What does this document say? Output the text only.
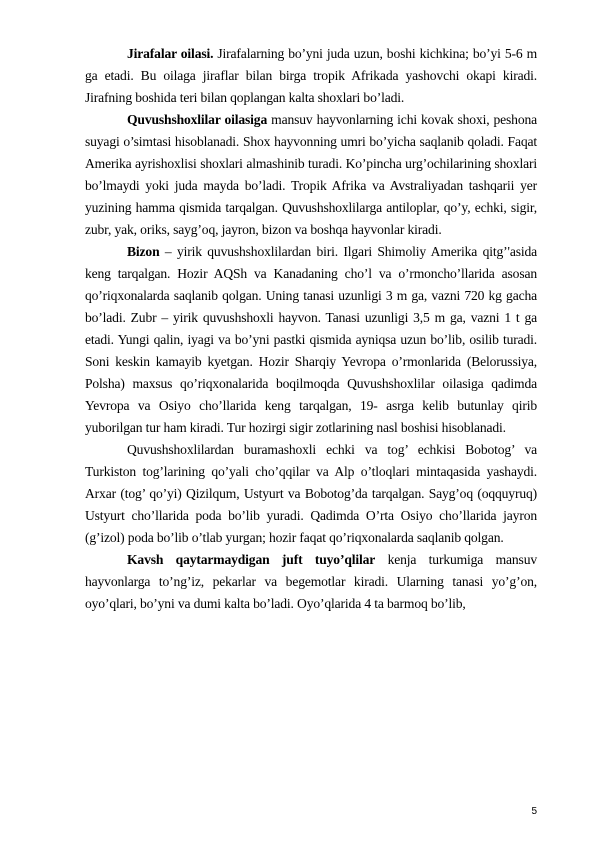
Jirafalar oilasi. Jirafalarning bo’yni juda uzun, boshi kichkina; bo’yi 5-6 m ga etadi. Bu oilaga jiraflar bilan birga tropik Afrikada yashovchi okapi kiradi. Jirafning boshida teri bilan qoplangan kalta shoxlari bo’ladi.

Quvushshoxlilar oilasiga mansuv hayvonlarning ichi kovak shoxi, peshona suyagi o’simtasi hisoblanadi. Shox hayvonning umri bo’yicha saqlanib qoladi. Faqat Amerika ayrishoxlisi shoxlari almashinib turadi. Ko’pincha urg’ochilarining shoxlari bo’lmaydi yoki juda mayda bo’ladi. Tropik Afrika va Avstraliyadan tashqarii yer yuzining hamma qismida tarqalgan. Quvushshoxlilarga antiloplar, qo’y, echki, sigir, zubr, yak, oriks, sayg’oq, jayron, bizon va boshqa hayvonlar kiradi.

Bizon – yirik quvushshoxlilardan biri. Ilgari Shimoliy Amerika qitg’'asida keng tarqalgan. Hozir AQSh va Kanadaning cho’l va o’rmoncho’llarida asosan qo’riqxonalarda saqlanib qolgan. Uning tanasi uzunligi 3 m ga, vazni 720 kg gacha bo’ladi. Zubr – yirik quvushshoxli hayvon. Tanasi uzunligi 3,5 m ga, vazni 1 t ga etadi. Yungi qalin, iyagi va bo’yni pastki qismida ayniqsa uzun bo’lib, osilib turadi. Soni keskin kamayib kyetgan. Hozir Sharqiy Yevropa o’rmonlarida (Belorussiya, Polsha) maxsus qo’riqxonalarida boqilmoqda Quvushshoxlilar oilasiga qadimda Yevropa va Osiyo cho’llarida keng tarqalgan, 19- asrga kelib butunlay qirib yuborilgan tur ham kiradi. Tur hozirgi sigir zotlarining nasl boshisi hisoblanadi.

Quvushshoxlilardan buramashoxli echki va tog’ echkisi Bobotog’ va Turkiston tog’larining qo’yali cho’qqilar va Alp o’tloqlari mintaqasida yashaydi. Arxar (tog’ qo’yi) Qizilqum, Ustyurt va Bobotog’da tarqalgan. Sayg’oq (oqquyruq) Ustyurt cho’llarida poda bo’lib yuradi. Qadimda O’rta Osiyo cho’llarida jayron (g’izol) poda bo’lib o’tlab yurgan; hozir faqat qo’riqxonalarda saqlanib qolgan.

Kavsh qaytarmaydigan juft tuyo’qlilar kenja turkumiga mansuv hayvonlarga to’ng’iz, pekarlar va begemotlar kiradi. Ularning tanasi yo’g’on, oyo’qlari, bo’yni va dumi kalta bo’ladi. Oyo’qlarida 4 ta barmoq bo’lib,

5
